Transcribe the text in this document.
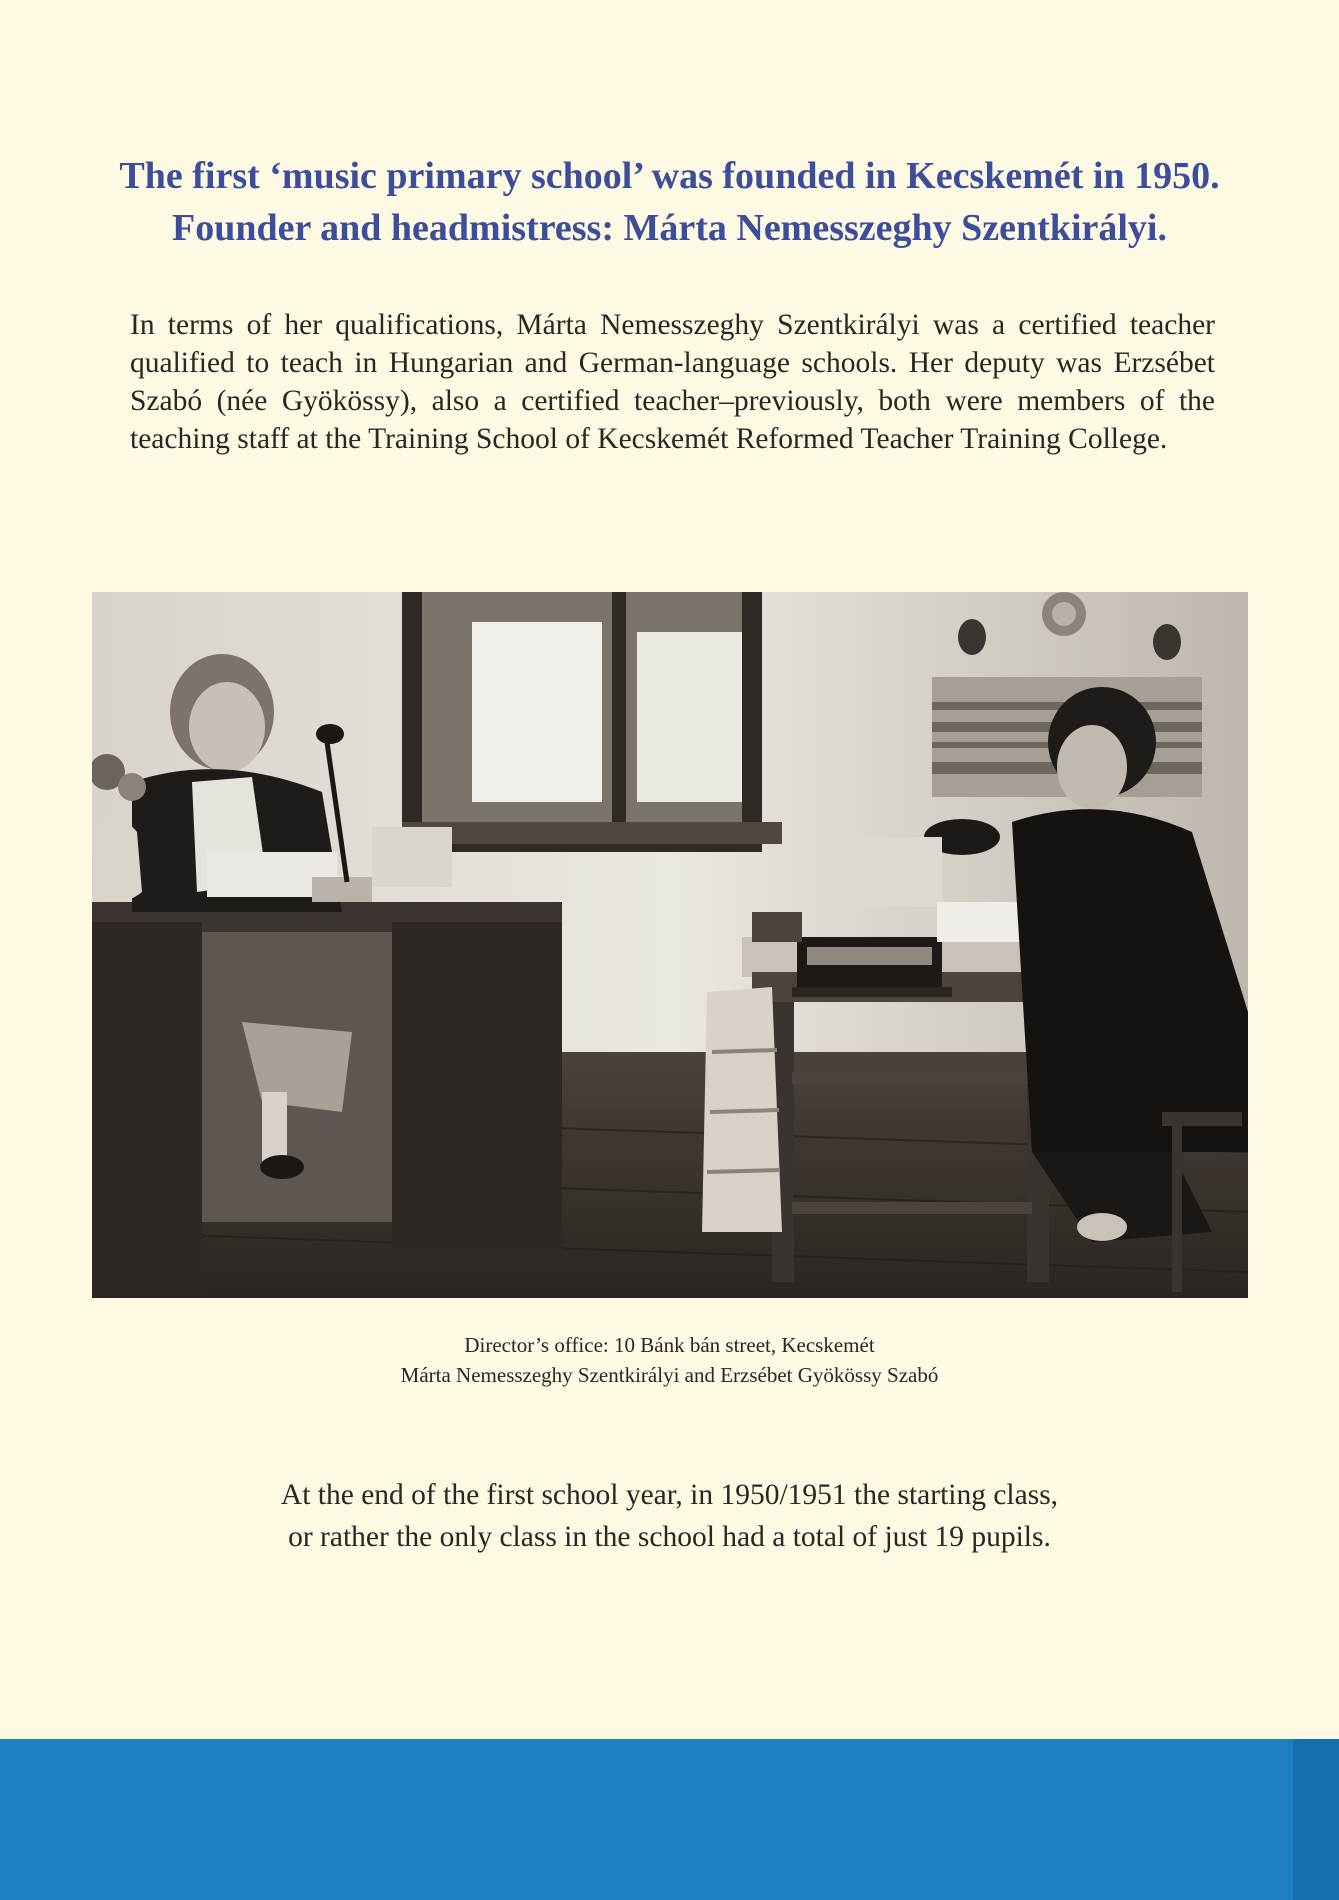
The first ‘music primary school’ was founded in Kecskemét in 1950.
Founder and headmistress: Márta Nemesszeghy Szentkirályi.
In terms of her qualifications, Márta Nemesszeghy Szentkirályi was a certified teacher qualified to teach in Hungarian and German-language schools. Her deputy was Erzsébet Szabó (née Gyökössy), also a certified teacher–previously, both were members of the teaching staff at the Training School of Kecskemét Reformed Teacher Training College.
Director’s office: 10 Bánk bán street, Kecskemét
Márta Nemesszeghy Szentkirályi and Erzsébet Gyökössy Szabó
At the end of the first school year, in 1950/1951 the starting class,
or rather the only class in the school had a total of just 19 pupils.
